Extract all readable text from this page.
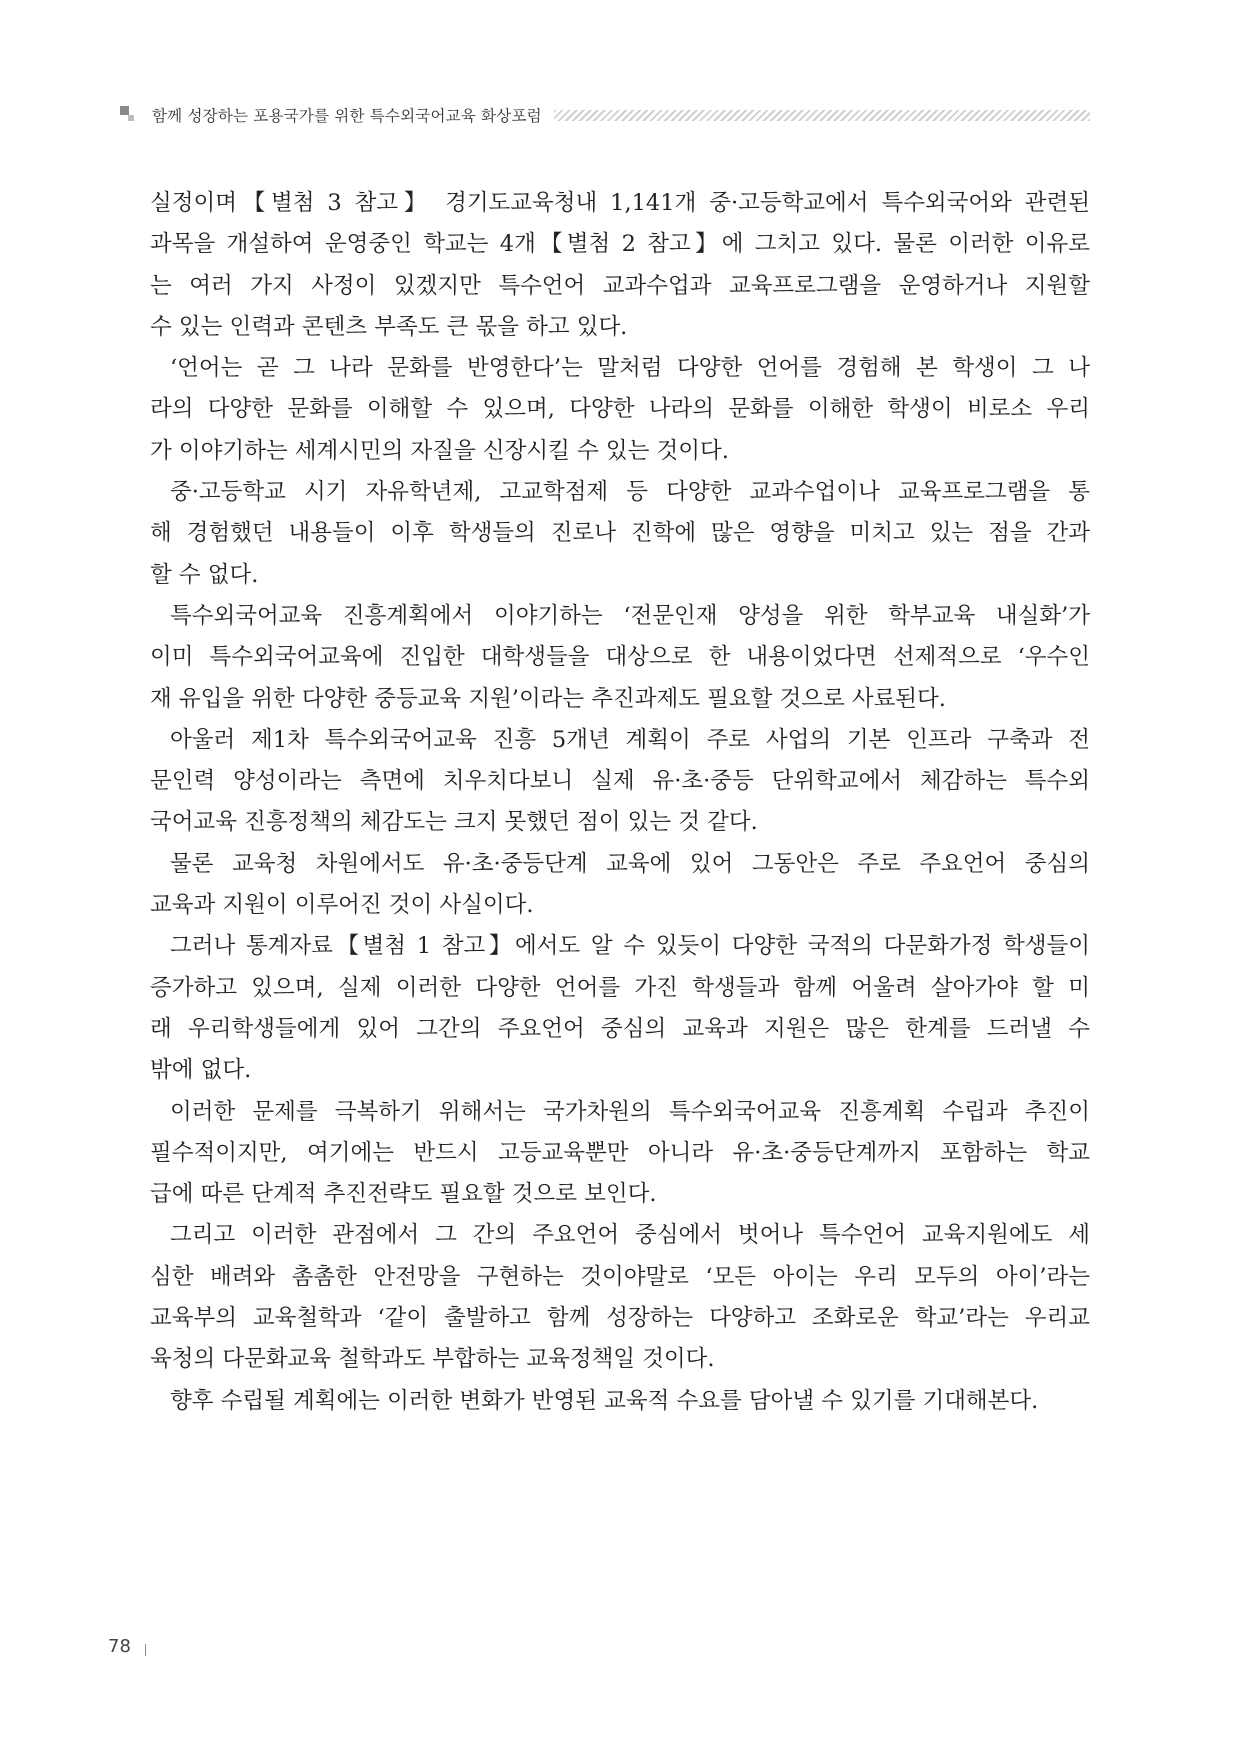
함께 성장하는 포용국가를 위한 특수외국어교육 화상포럼
실정이며【별첨 3 참고】 경기도교육청내 1,141개 중·고등학교에서 특수외국어와 관련된
과목을 개설하여 운영중인 학교는 4개【별첨 2 참고】에 그치고 있다. 물론 이러한 이유로
는 여러 가지 사정이 있겠지만 특수언어 교과수업과 교육프로그램을 운영하거나 지원할
수 있는 인력과 콘텐츠 부족도 큰 몫을 하고 있다.
‘언어는 곧 그 나라 문화를 반영한다’는 말처럼 다양한 언어를 경험해 본 학생이 그 나
라의 다양한 문화를 이해할 수 있으며, 다양한 나라의 문화를 이해한 학생이 비로소 우리
가 이야기하는 세계시민의 자질을 신장시킬 수 있는 것이다.
중·고등학교 시기 자유학년제, 고교학점제 등 다양한 교과수업이나 교육프로그램을 통
해 경험했던 내용들이 이후 학생들의 진로나 진학에 많은 영향을 미치고 있는 점을 간과
할 수 없다.
특수외국어교육 진흥계획에서 이야기하는 ‘전문인재 양성을 위한 학부교육 내실화’가
이미 특수외국어교육에 진입한 대학생들을 대상으로 한 내용이었다면 선제적으로 ‘우수인
재 유입을 위한 다양한 중등교육 지원’이라는 추진과제도 필요할 것으로 사료된다.
아울러 제1차 특수외국어교육 진흥 5개년 계획이 주로 사업의 기본 인프라 구축과 전
문인력 양성이라는 측면에 치우치다보니 실제 유·초·중등 단위학교에서 체감하는 특수외
국어교육 진흥정책의 체감도는 크지 못했던 점이 있는 것 같다.
물론 교육청 차원에서도 유·초·중등단계 교육에 있어 그동안은 주로 주요언어 중심의
교육과 지원이 이루어진 것이 사실이다.
그러나 통계자료【별첨 1 참고】에서도 알 수 있듯이 다양한 국적의 다문화가정 학생들이
증가하고 있으며, 실제 이러한 다양한 언어를 가진 학생들과 함께 어울려 살아가야 할 미
래 우리학생들에게 있어 그간의 주요언어 중심의 교육과 지원은 많은 한계를 드러낼 수
밖에 없다.
이러한 문제를 극복하기 위해서는 국가차원의 특수외국어교육 진흥계획 수립과 추진이
필수적이지만, 여기에는 반드시 고등교육뿐만 아니라 유·초·중등단계까지 포함하는 학교
급에 따른 단계적 추진전략도 필요할 것으로 보인다.
그리고 이러한 관점에서 그 간의 주요언어 중심에서 벗어나 특수언어 교육지원에도 세
심한 배려와 촘촘한 안전망을 구현하는 것이야말로 ‘모든 아이는 우리 모두의 아이’라는
교육부의 교육철학과 ‘같이 출발하고 함께 성장하는 다양하고 조화로운 학교’라는 우리교
육청의 다문화교육 철학과도 부합하는 교육정책일 것이다.
향후 수립될 계획에는 이러한 변화가 반영된 교육적 수요를 담아낼 수 있기를 기대해본다.
78
